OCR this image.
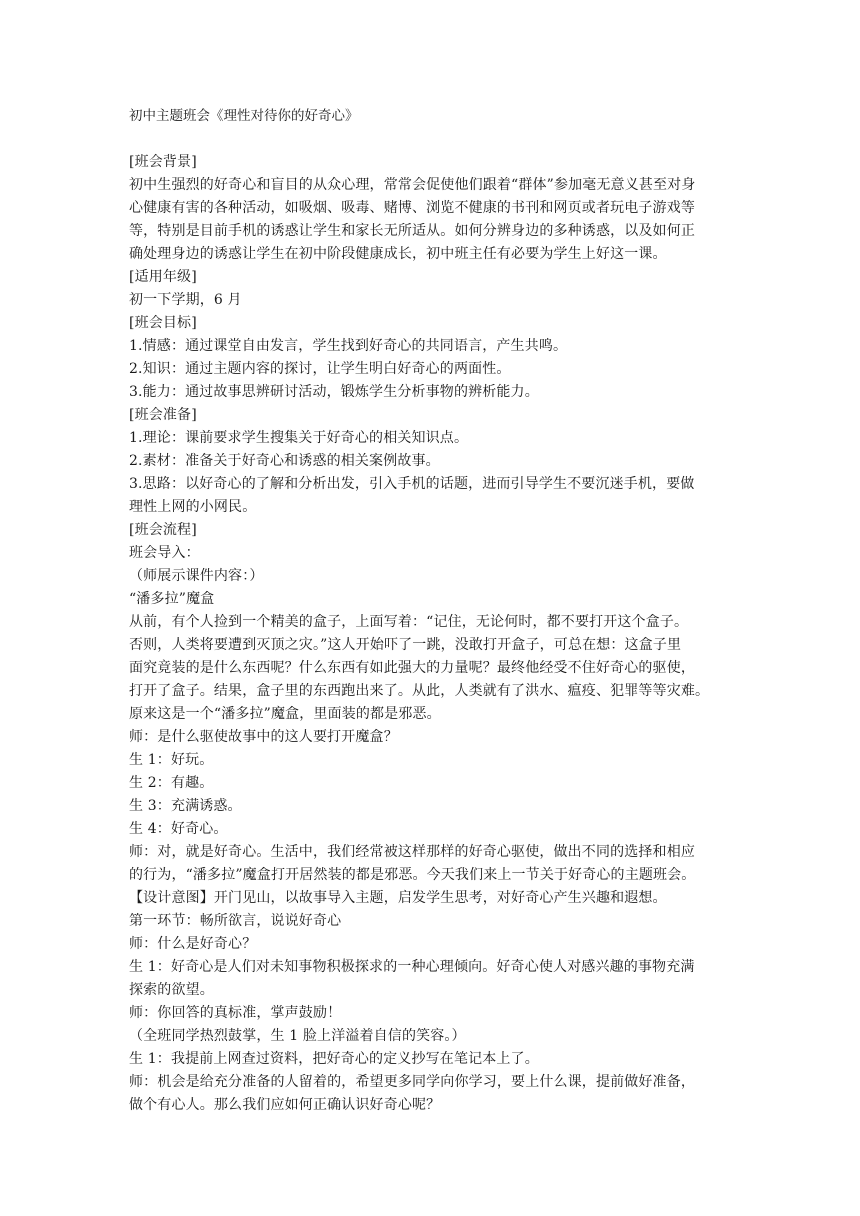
初中主题班会《理性对待你的好奇心》

[班会背景]

初中生强烈的好奇心和盲目的从众心理，常常会促使他们跟着“群体”参加毫无意义甚至对身

心健康有害的各种活动，如吸烟、吸毒、赌博、浏览不健康的书刊和网页或者玩电子游戏等

等，特别是目前手机的诱惑让学生和家长无所适从。如何分辨身边的多种诱惑，以及如何正

确处理身边的诱惑让学生在初中阶段健康成长，初中班主任有必要为学生上好这一课。

[适用年级]

初一下学期，6 月

[班会目标]

1.情感：通过课堂自由发言，学生找到好奇心的共同语言，产生共鸣。

2.知识：通过主题内容的探讨，让学生明白好奇心的两面性。

3.能力：通过故事思辨研讨活动，锻炼学生分析事物的辨析能力。

[班会准备]

1.理论：课前要求学生搜集关于好奇心的相关知识点。

2.素材：准备关于好奇心和诱惑的相关案例故事。

3.思路：以好奇心的了解和分析出发，引入手机的话题，进而引导学生不要沉迷手机，要做

理性上网的小网民。

[班会流程]

班会导入：

（师展示课件内容：）

“潘多拉”魔盒

从前，有个人捡到一个精美的盒子，上面写着：“记住，无论何时，都不要打开这个盒子。

否则，人类将要遭到灭顶之灾。”这人开始吓了一跳，没敢打开盒子，可总在想：这盒子里

面究竟装的是什么东西呢？什么东西有如此强大的力量呢？最终他经受不住好奇心的驱使，

打开了盒子。结果，盒子里的东西跑出来了。从此，人类就有了洪水、瘟疫、犯罪等等灾难。

原来这是一个“潘多拉”魔盒，里面装的都是邪恶。

师：是什么驱使故事中的这人要打开魔盒？

生 1：好玩。

生 2：有趣。

生 3：充满诱惑。

生 4：好奇心。

师：对，就是好奇心。生活中，我们经常被这样那样的好奇心驱使，做出不同的选择和相应

的行为，“潘多拉”魔盒打开居然装的都是邪恶。今天我们来上一节关于好奇心的主题班会。

【设计意图】开门见山，以故事导入主题，启发学生思考，对好奇心产生兴趣和遐想。

第一环节：畅所欲言，说说好奇心

师：什么是好奇心？

生 1：好奇心是人们对未知事物积极探求的一种心理倾向。好奇心使人对感兴趣的事物充满

探索的欲望。

师：你回答的真标准，掌声鼓励！

（全班同学热烈鼓掌，生 1 脸上洋溢着自信的笑容。）

生 1：我提前上网查过资料，把好奇心的定义抄写在笔记本上了。

师：机会是给充分准备的人留着的，希望更多同学向你学习，要上什么课，提前做好准备，

做个有心人。那么我们应如何正确认识好奇心呢？
